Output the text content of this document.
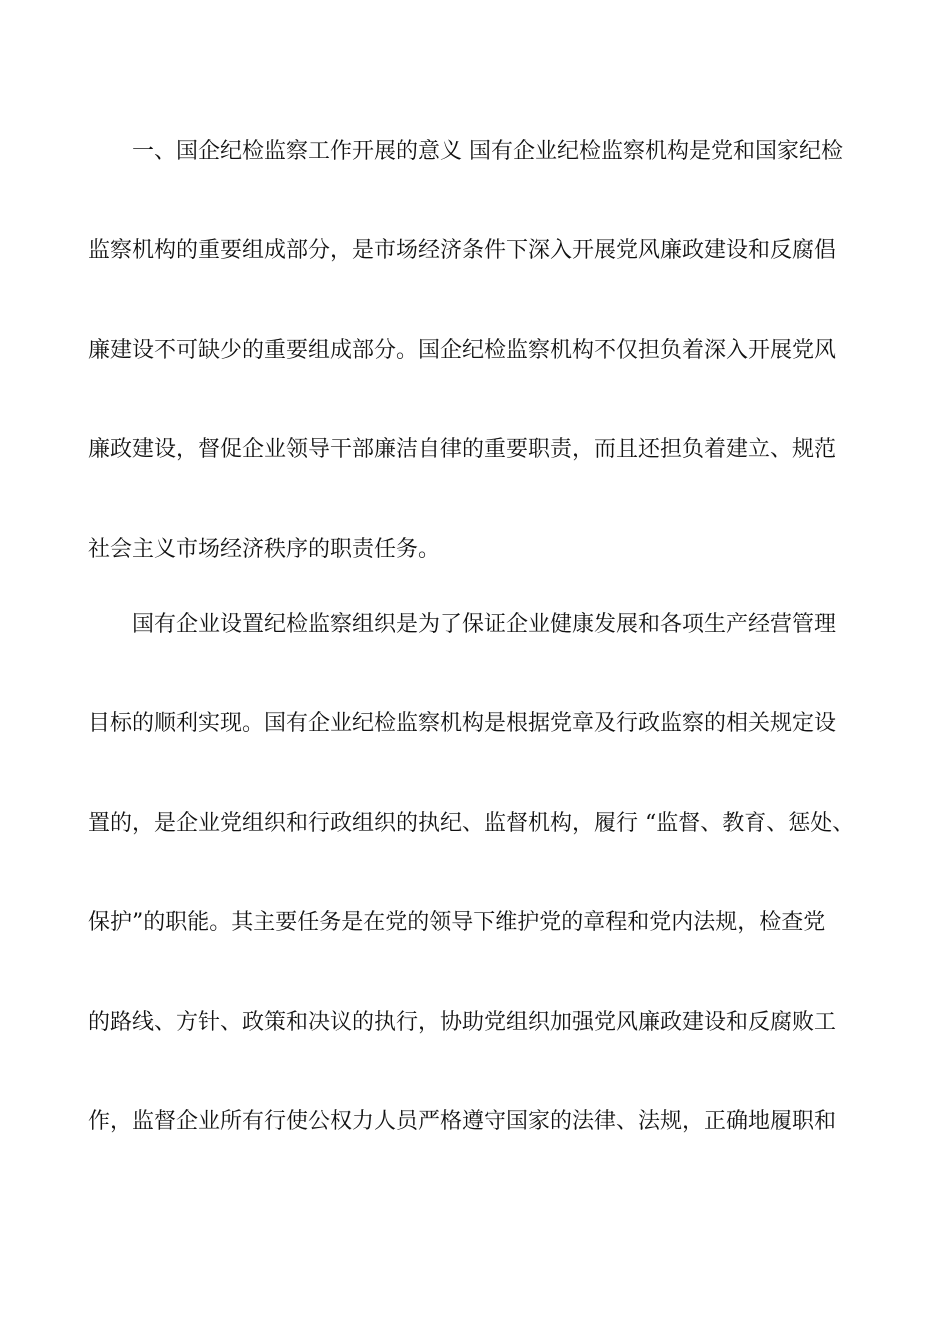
一、国企纪检监察工作开展的意义 国有企业纪检监察机构是党和国家纪检
监察机构的重要组成部分，是市场经济条件下深入开展党风廉政建设和反腐倡
廉建设不可缺少的重要组成部分。国企纪检监察机构不仅担负着深入开展党风
廉政建设，督促企业领导干部廉洁自律的重要职责，而且还担负着建立、规范
社会主义市场经济秩序的职责任务。
国有企业设置纪检监察组织是为了保证企业健康发展和各项生产经营管理
目标的顺利实现。国有企业纪检监察机构是根据党章及行政监察的相关规定设
置的，是企业党组织和行政组织的执纪、监督机构，履行 “监督、教育、惩处、
保护”的职能。其主要任务是在党的领导下维护党的章程和党内法规，检查党
的路线、方针、政策和决议的执行，协助党组织加强党风廉政建设和反腐败工
作，监督企业所有行使公权力人员严格遵守国家的法律、法规，正确地履职和
